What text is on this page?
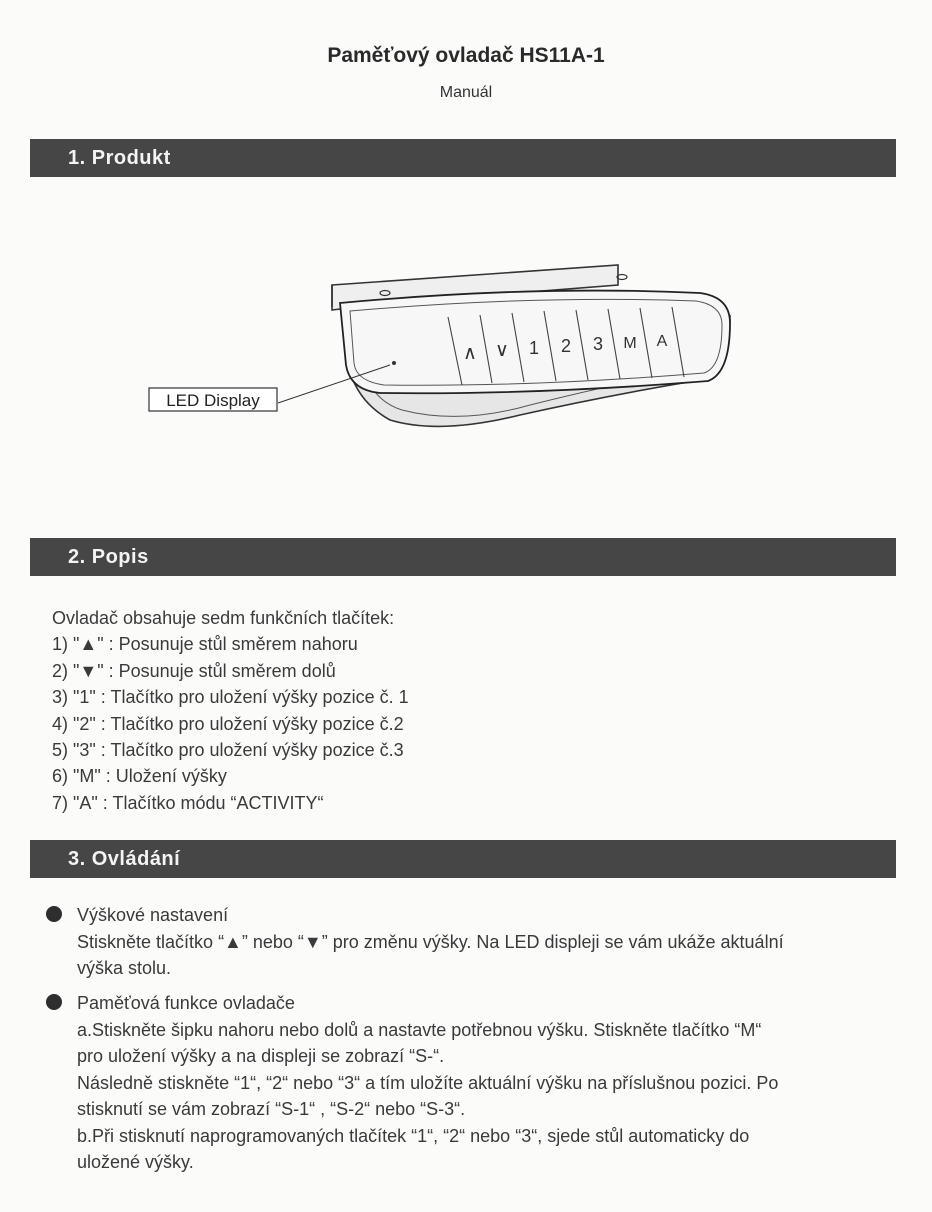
Paměťový ovladač HS11A-1
Manuál
1. Produkt
∧ ∨ 1 2 3 M A
LED Display
2. Popis
Ovladač obsahuje sedm funkčních tlačítek:
1) "▲" : Posunuje stůl směrem nahoru
2) "▼" : Posunuje stůl směrem dolů
3) "1" : Tlačítko pro uložení výšky pozice č. 1
4) "2" : Tlačítko pro uložení výšky pozice č.2
5) "3" : Tlačítko pro uložení výšky pozice č.3
6) "M" : Uložení výšky
7) "A" : Tlačítko módu “ACTIVITY“
3. Ovládání
Výškové nastavení
Stiskněte tlačítko “▲” nebo “▼” pro změnu výšky. Na LED displeji se vám ukáže aktuální
výška stolu.
Paměťová funkce ovladače
a.Stiskněte šipku nahoru nebo dolů a nastavte potřebnou výšku. Stiskněte tlačítko “M“
pro uložení výšky a na displeji se zobrazí “S-“.
Následně stiskněte “1“, “2“ nebo “3“ a tím uložíte aktuální výšku na příslušnou pozici. Po
stisknutí se vám zobrazí “S-1“ , “S-2“ nebo “S-3“.
b.Při stisknutí naprogramovaných tlačítek “1“, “2“ nebo “3“, sjede stůl automaticky do
uložené výšky.
